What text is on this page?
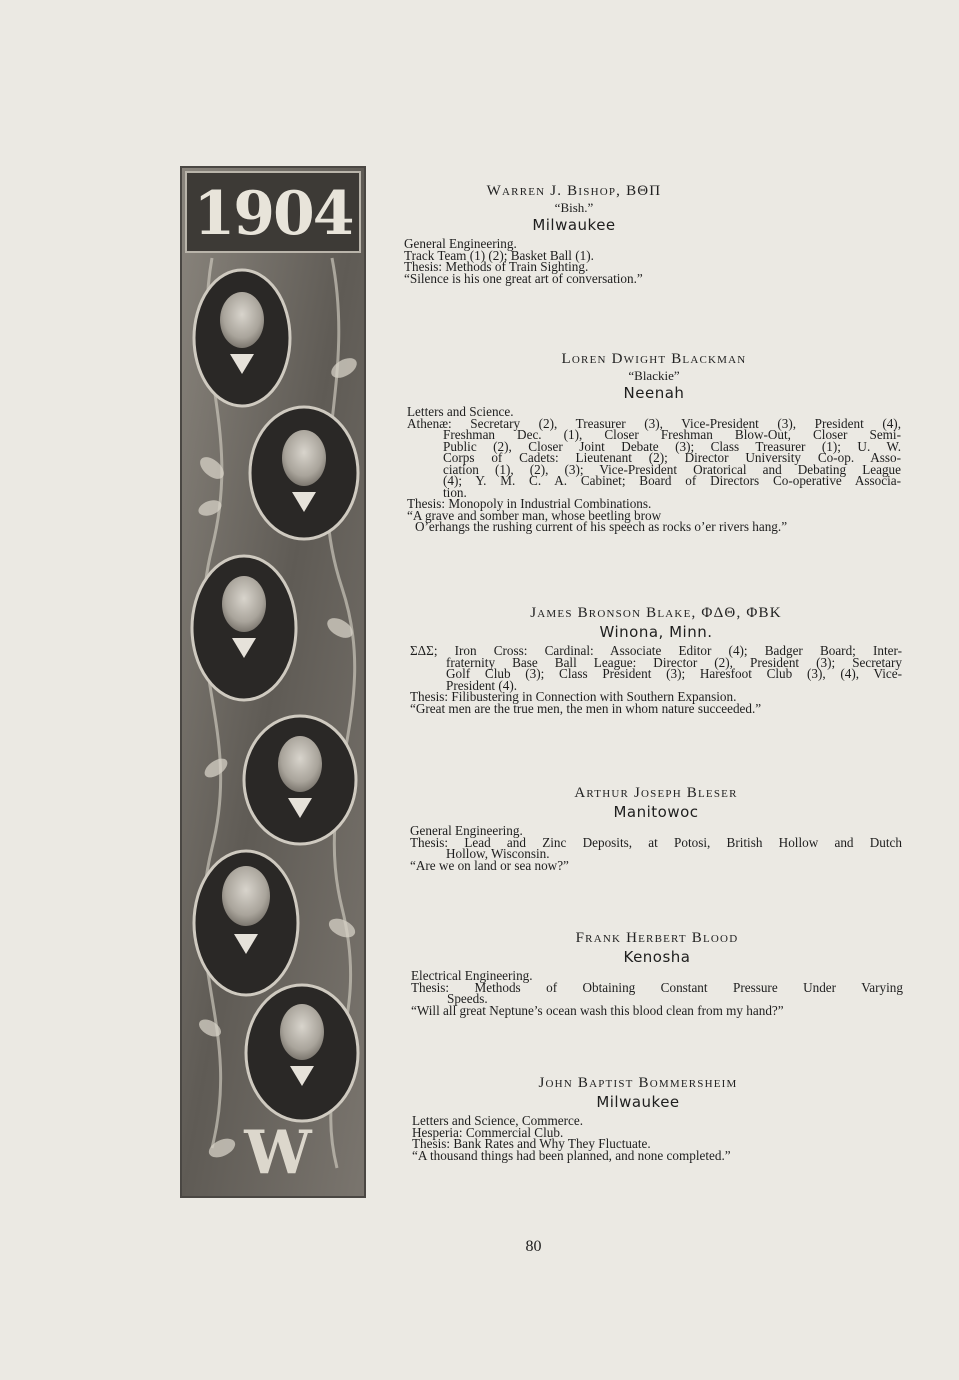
1904
W
Warren J. Bishop, ΒΘΠ
“Bish.”
Milwaukee
General Engineering.
Track Team (1) (2); Basket Ball (1).
Thesis: Methods of Train Sighting.
“Silence is his one great art of conversation.”
Loren Dwight Blackman
“Blackie”
Neenah
Letters and Science.
Athenæ: Secretary (2), Treasurer (3), Vice-President (3), President (4),
Freshman Dec. (1), Closer Freshman Blow-Out, Closer Semi-
Public (2), Closer Joint Debate (3); Class Treasurer (1); U. W.
Corps of Cadets: Lieutenant (2); Director University Co-op. Asso-
ciation (1), (2), (3); Vice-President Oratorical and Debating League
(4); Y. M. C. A. Cabinet; Board of Directors Co-operative Associa-
tion.
Thesis: Monopoly in Industrial Combinations.
“A grave and somber man, whose beetling brow
O’erhangs the rushing current of his speech as rocks o’er rivers hang.”
James Bronson Blake, ΦΔΘ, ΦΒΚ
Winona, Minn.
ΣΔΣ; Iron Cross: Cardinal: Associate Editor (4); Badger Board; Inter-
fraternity Base Ball League: Director (2), President (3); Secretary
Golf Club (3); Class President (3); Haresfoot Club (3), (4), Vice-
President (4).
Thesis: Filibustering in Connection with Southern Expansion.
“Great men are the true men, the men in whom nature succeeded.”
Arthur Joseph Bleser
Manitowoc
General Engineering.
Thesis: Lead and Zinc Deposits, at Potosi, British Hollow and Dutch
Hollow, Wisconsin.
“Are we on land or sea now?”
Frank Herbert Blood
Kenosha
Electrical Engineering.
Thesis: Methods of Obtaining Constant Pressure Under Varying
Speeds.
“Will all great Neptune’s ocean wash this blood clean from my hand?”
John Baptist Bommersheim
Milwaukee
Letters and Science, Commerce.
Hesperia: Commercial Club.
Thesis: Bank Rates and Why They Fluctuate.
“A thousand things had been planned, and none completed.”
80
